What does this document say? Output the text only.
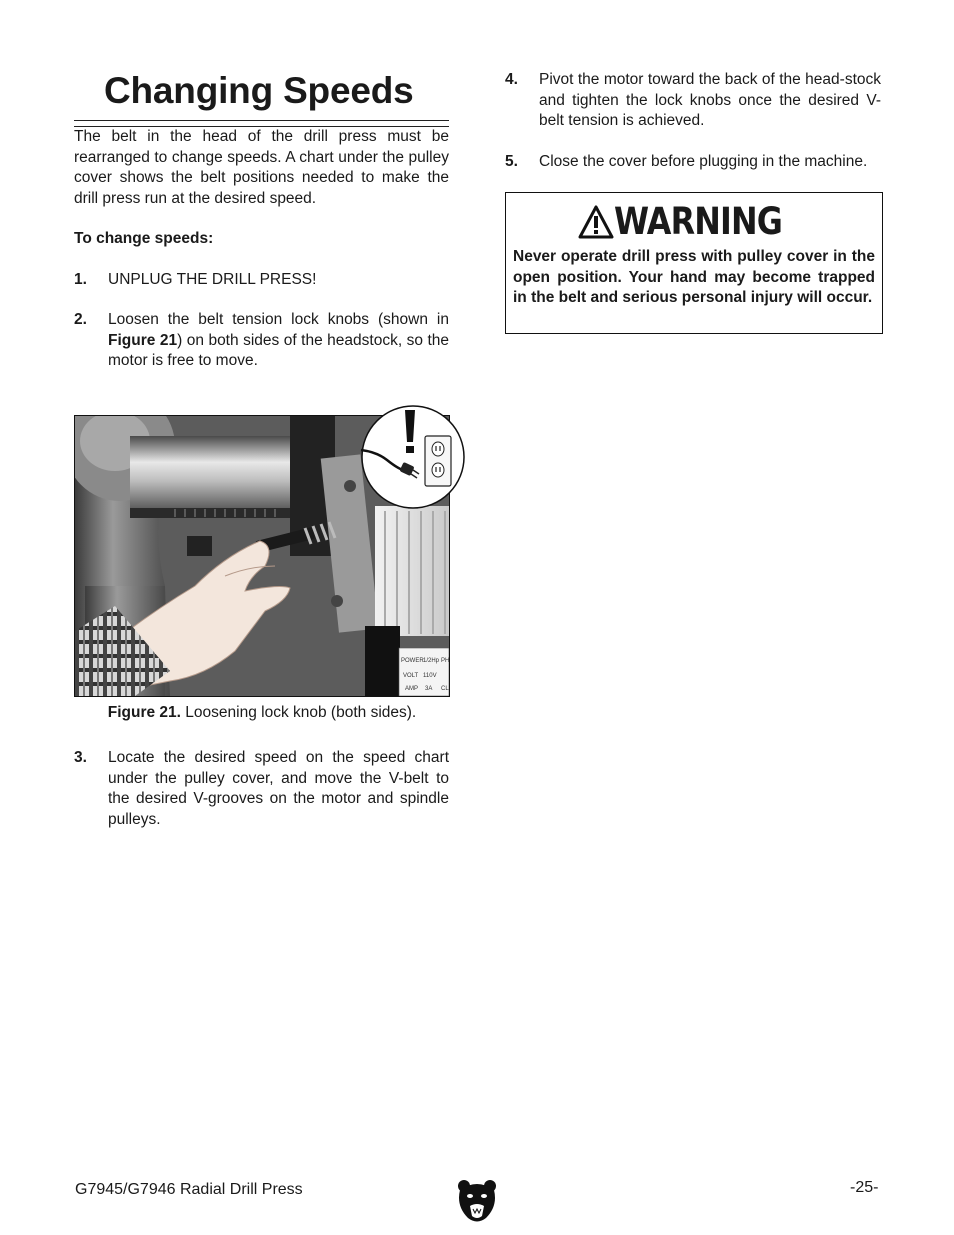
Changing Speeds

The belt in the head of the drill press must be rearranged to change speeds. A chart under the pulley cover shows the belt positions needed to make the drill press run at the desired speed.

To change speeds:

1.	UNPLUG THE DRILL PRESS!
2.	Loosen the belt tension lock knobs (shown in Figure 21) on both sides of the headstock, so the motor is free to move.
POWER 1/2Hp PH
VOLT 110V
AMP 3A CL
Figure 21. Loosening lock knob (both sides).
3.	Locate the desired speed on the speed chart under the pulley cover, and move the V-belt to the desired V-grooves on the motor and spindle pulleys.
4.	Pivot the motor toward the back of the head-stock and tighten the lock knobs once the desired V-belt tension is achieved.
5.	Close the cover before plugging in the machine.
WARNING

Never operate drill press with pulley cover in the open position. Your hand may become trapped in the belt and serious personal injury will occur.

G7945/G7946 Radial Drill Press	-25-
